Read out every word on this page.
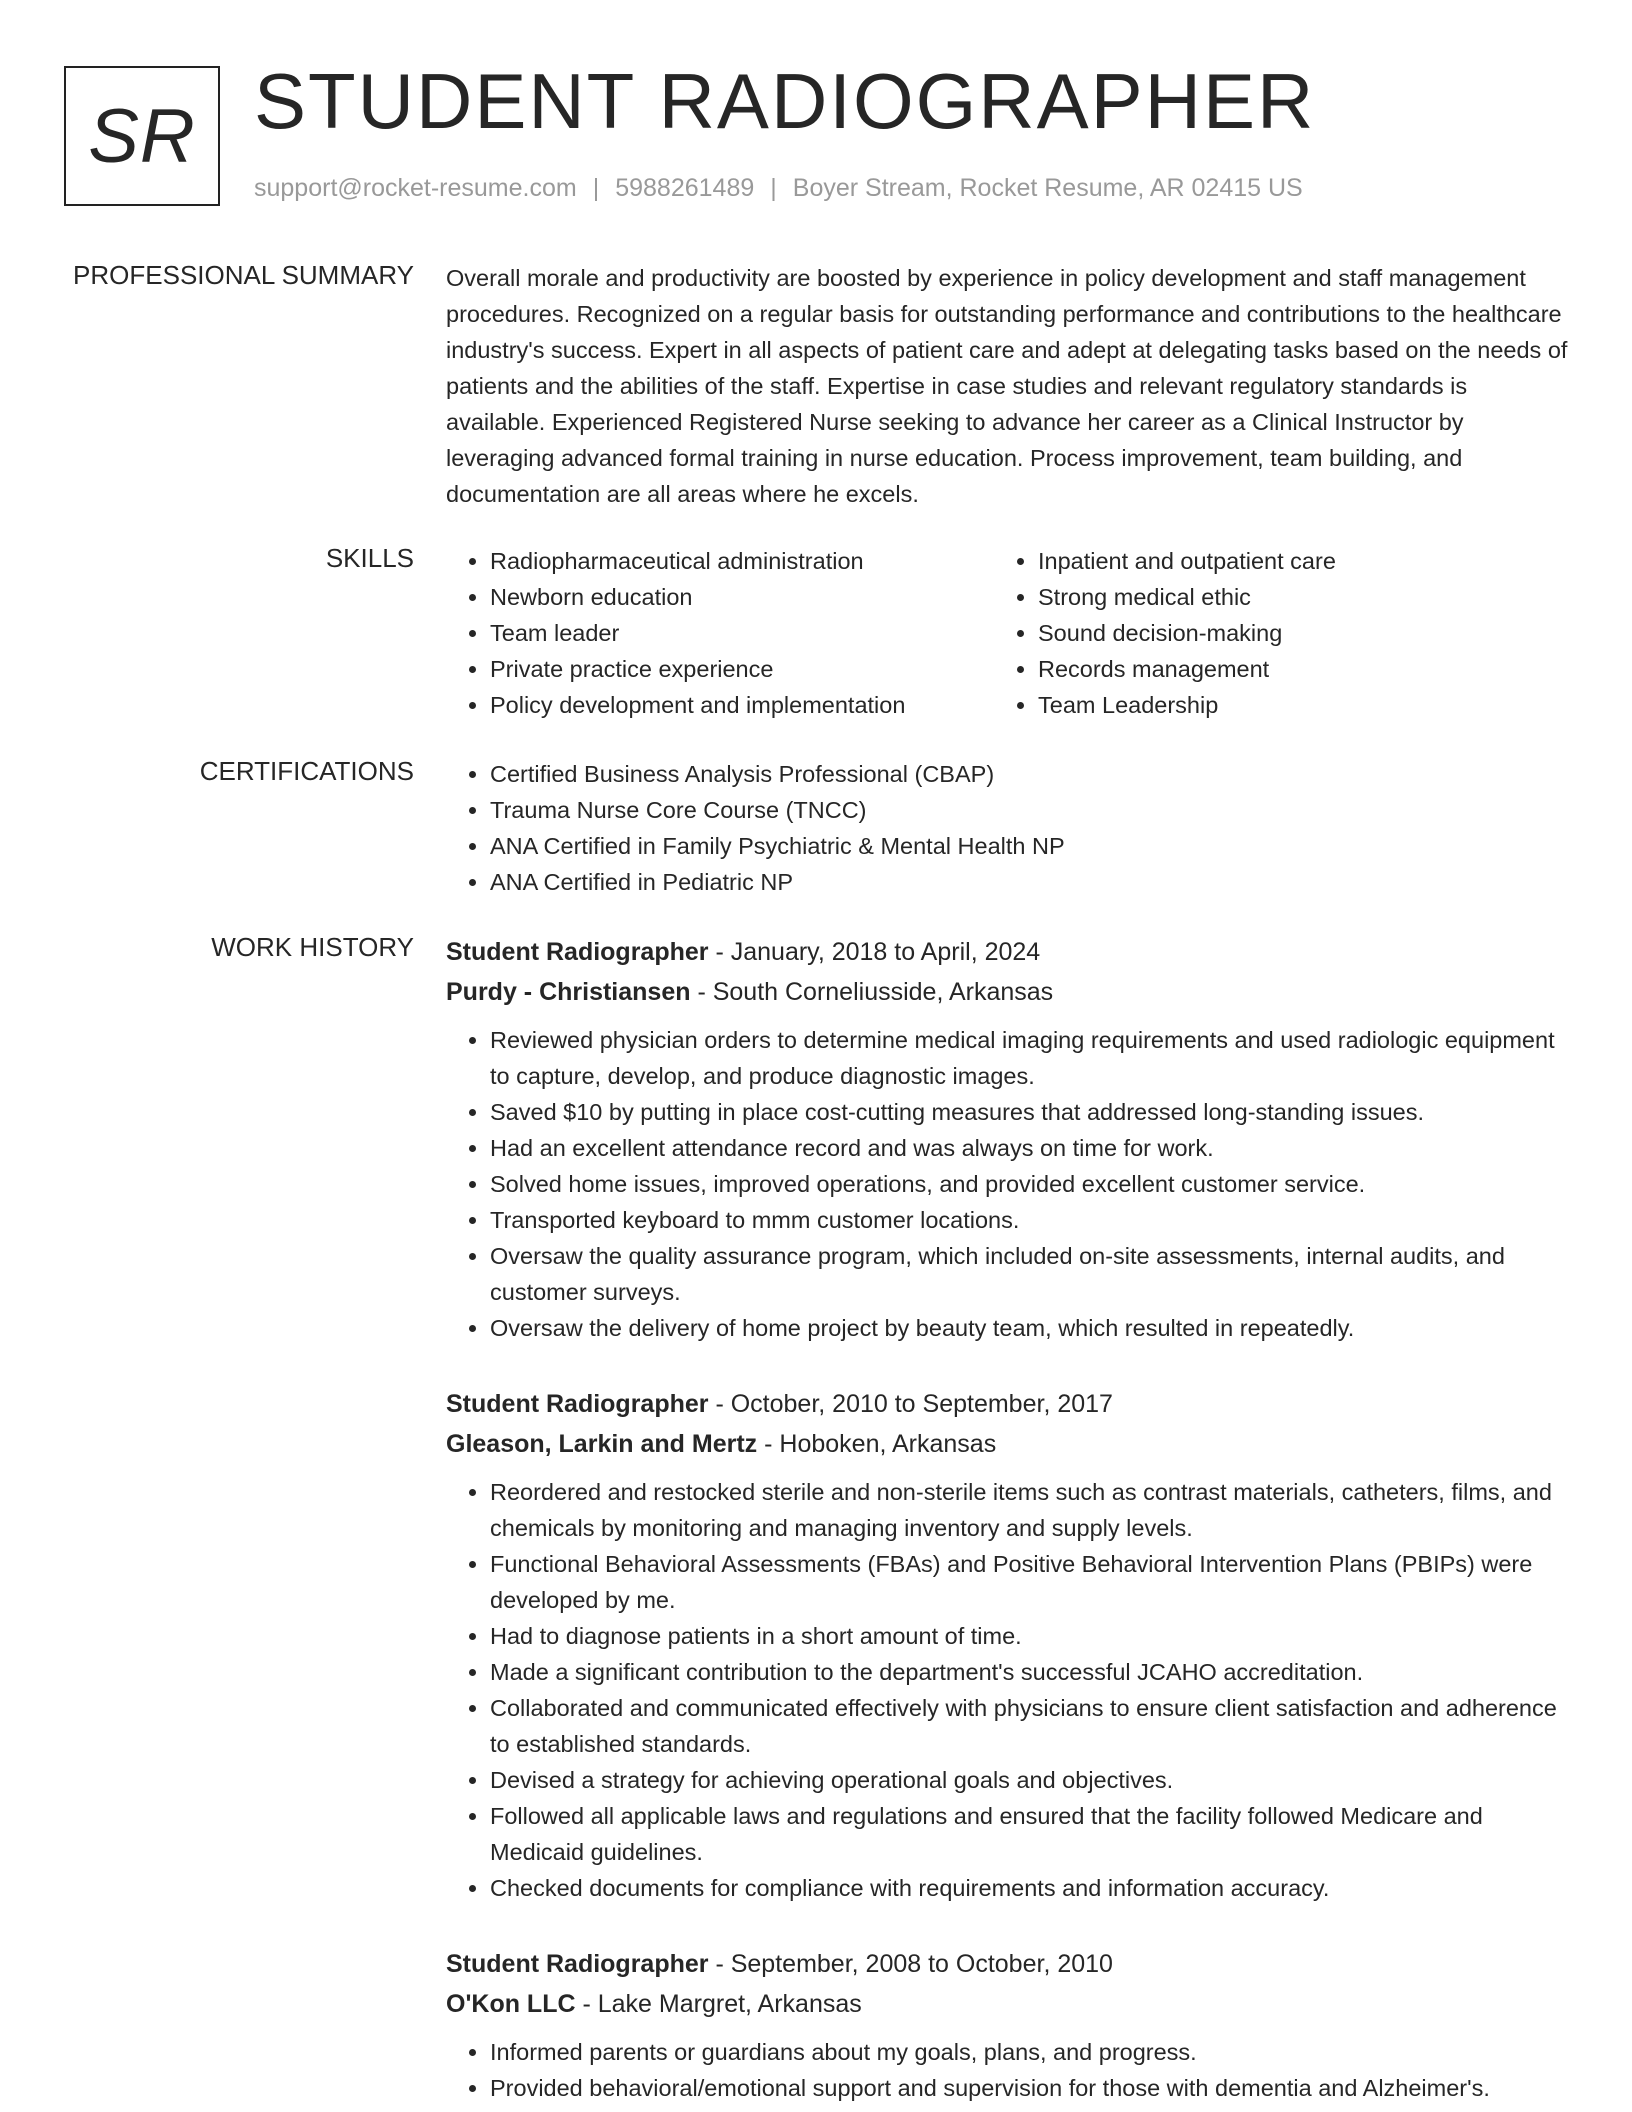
SR STUDENT RADIOGRAPHER
support@rocket-resume.com | 5988261489 | Boyer Stream, Rocket Resume, AR 02415 US
PROFESSIONAL SUMMARY Overall morale and productivity are boosted by experience in policy development and staff management procedures. Recognized on a regular basis for outstanding performance and contributions to the healthcare industry's success. Expert in all aspects of patient care and adept at delegating tasks based on the needs of patients and the abilities of the staff. Expertise in case studies and relevant regulatory standards is available. Experienced Registered Nurse seeking to advance her career as a Clinical Instructor by leveraging advanced formal training in nurse education. Process improvement, team building, and documentation are all areas where he excels.
SKILLS	• Radiopharmaceutical administration
• Newborn education
• Team leader
• Private practice experience
• Policy development and implementation
• Inpatient and outpatient care
• Strong medical ethic
• Sound decision-making
• Records management
• Team Leadership
CERTIFICATIONS	• Certified Business Analysis Professional (CBAP)
• Trauma Nurse Core Course (TNCC)
• ANA Certified in Family Psychiatric & Mental Health NP
• ANA Certified in Pediatric NP
WORK HISTORY Student Radiographer - January, 2018 to April, 2024
Purdy - Christiansen - South Corneliusside, Arkansas
• Reviewed physician orders to determine medical imaging requirements and used radiologic equipment to capture, develop, and produce diagnostic images.
• Saved $10 by putting in place cost-cutting measures that addressed long-standing issues.
• Had an excellent attendance record and was always on time for work.
• Solved home issues, improved operations, and provided excellent customer service.
• Transported keyboard to mmm customer locations.
• Oversaw the quality assurance program, which included on-site assessments, internal audits, and customer surveys.
• Oversaw the delivery of home project by beauty team, which resulted in repeatedly.
Student Radiographer - October, 2010 to September, 2017
Gleason, Larkin and Mertz - Hoboken, Arkansas
• Reordered and restocked sterile and non-sterile items such as contrast materials, catheters, films, and chemicals by monitoring and managing inventory and supply levels.
• Functional Behavioral Assessments (FBAs) and Positive Behavioral Intervention Plans (PBIPs) were developed by me.
• Had to diagnose patients in a short amount of time.
• Made a significant contribution to the department's successful JCAHO accreditation.
• Collaborated and communicated effectively with physicians to ensure client satisfaction and adherence to established standards.
• Devised a strategy for achieving operational goals and objectives.
• Followed all applicable laws and regulations and ensured that the facility followed Medicare and Medicaid guidelines.
• Checked documents for compliance with requirements and information accuracy.
Student Radiographer - September, 2008 to October, 2010
O'Kon LLC - Lake Margret, Arkansas
• Informed parents or guardians about my goals, plans, and progress.
• Provided behavioral/emotional support and supervision for those with dementia and Alzheimer's.
